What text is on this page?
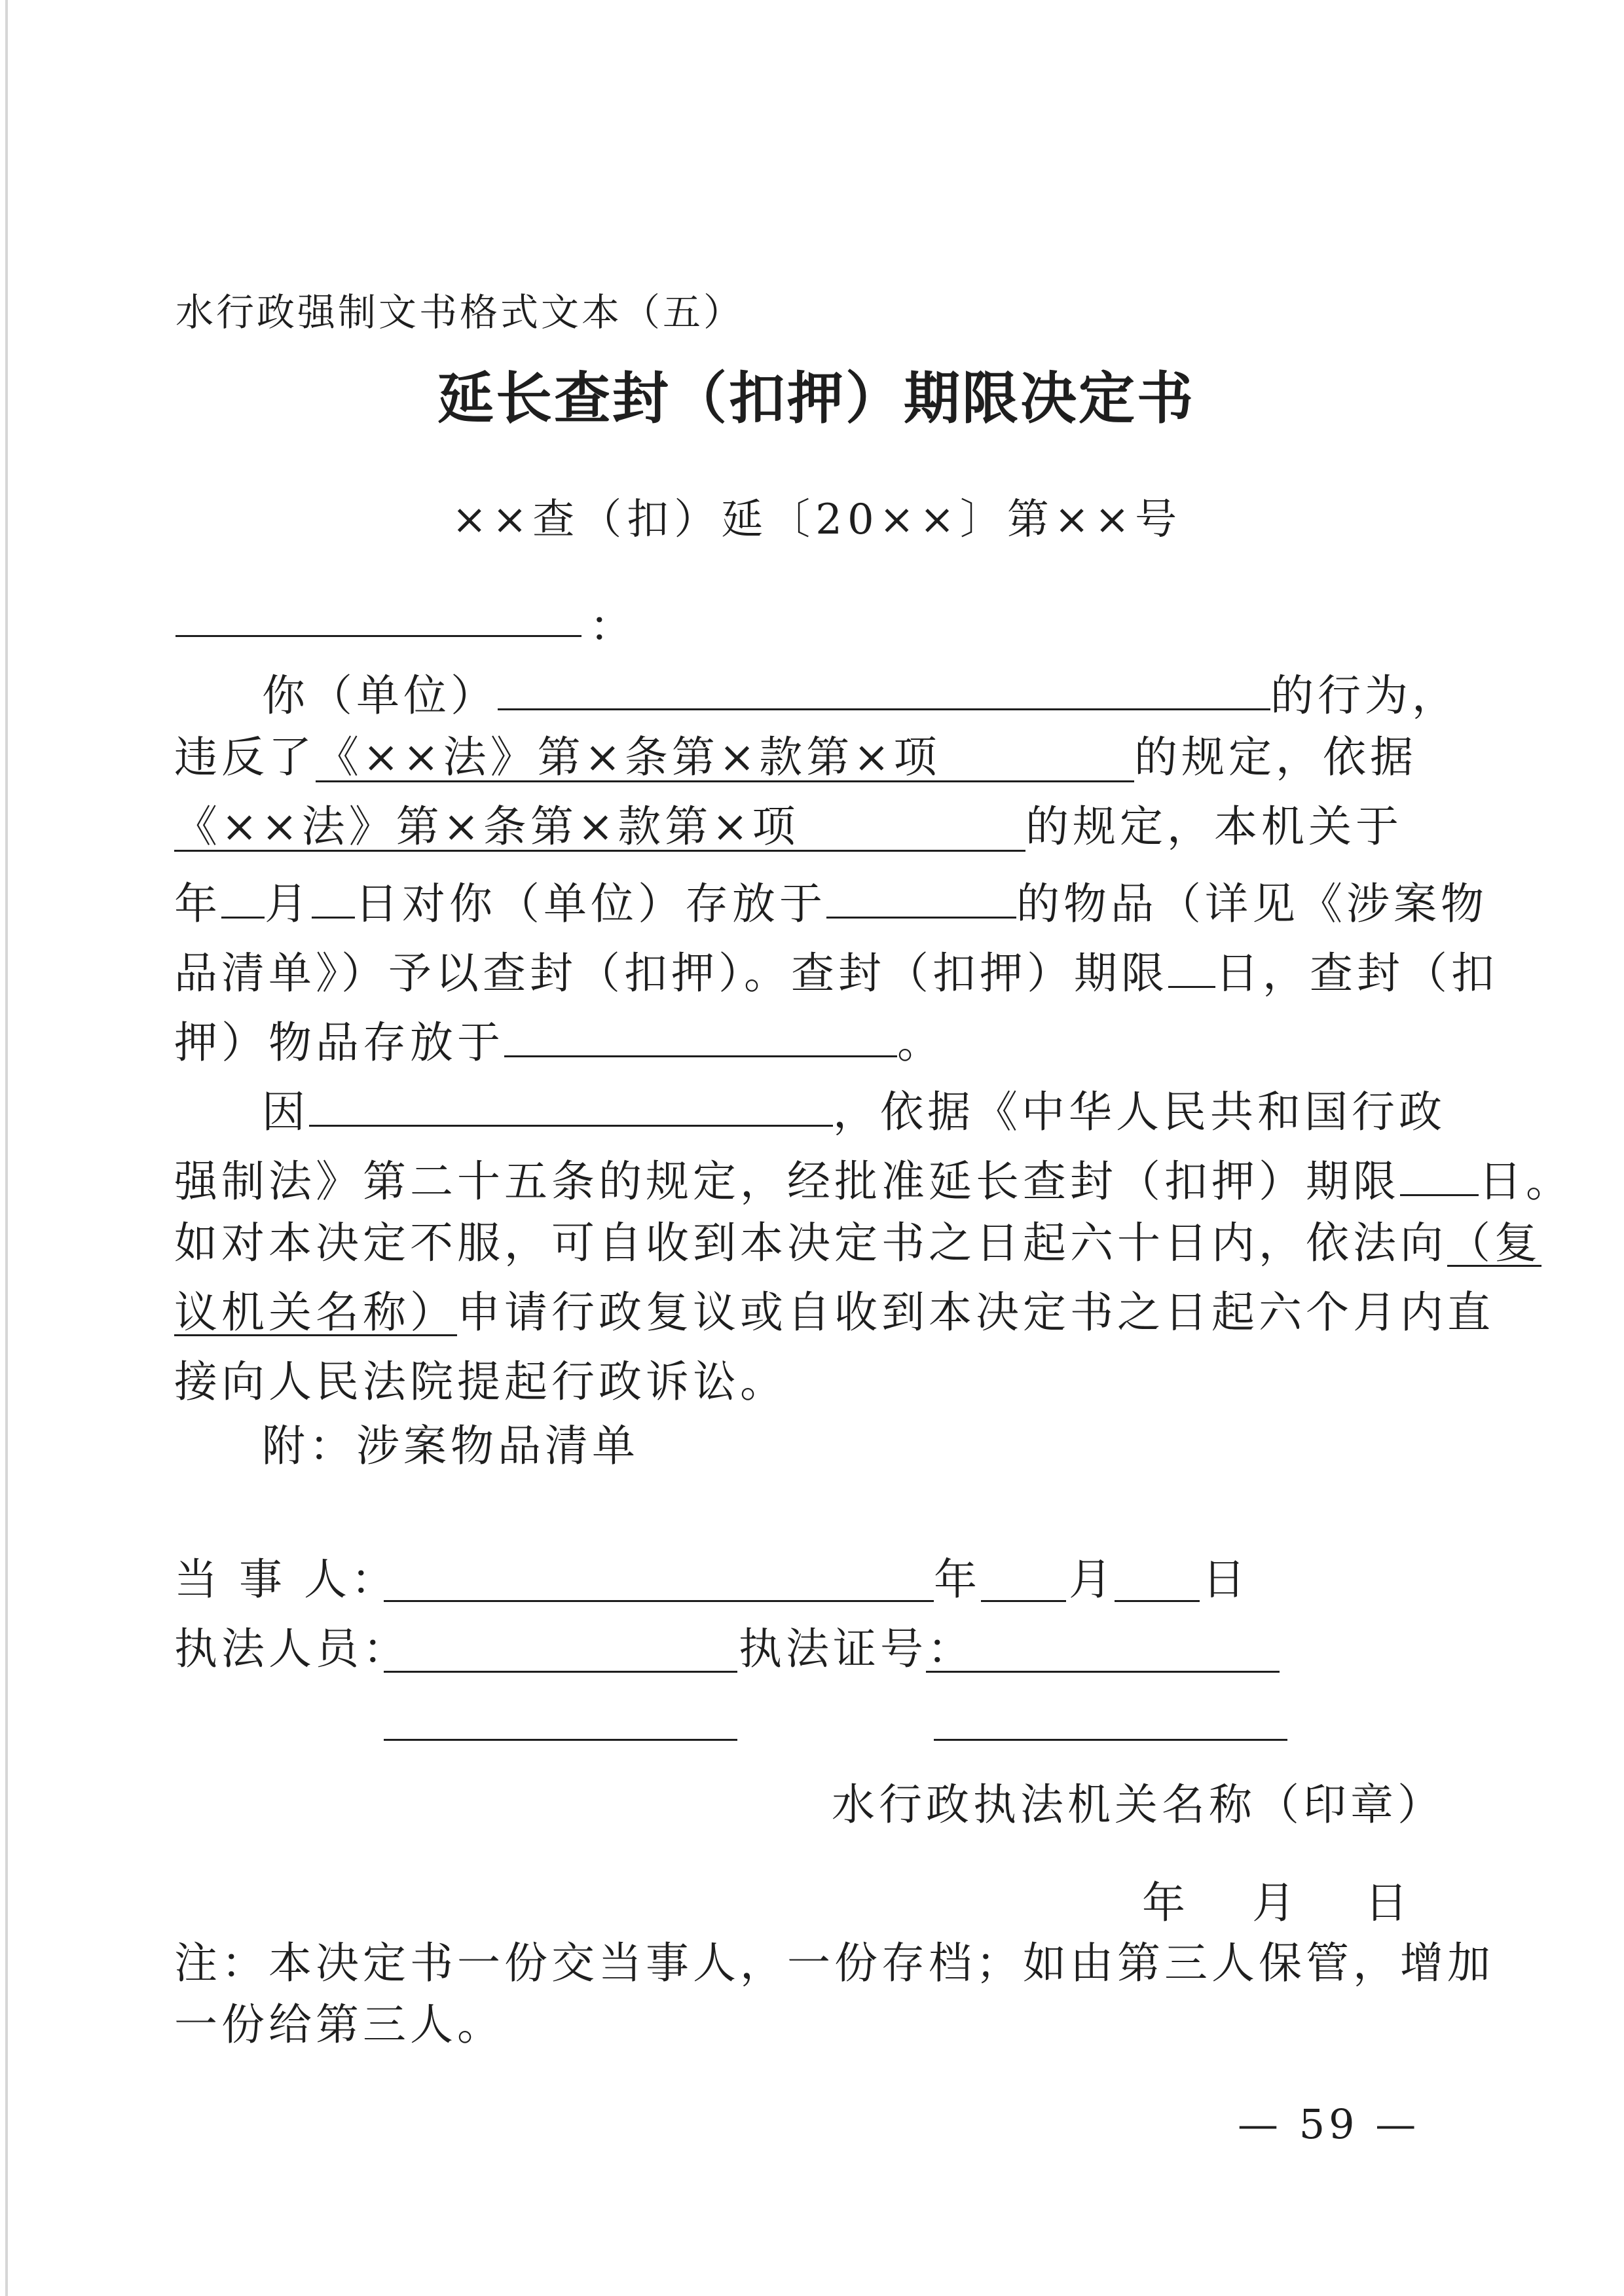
水行政强制文书格式文本（五）
延长查封（扣押）期限决定书
××查（扣）延〔20××〕第××号
：
你（单位）	的行为，
违反了《××法》第×条第×款第×项	的规定，依据
《××法》第×条第×款第×项	的规定，本机关于
年 月 日对你（单位）存放于	的物品（详见《涉案物
品清单》）予以查封（扣押）。查封（扣押）期限 日，查封（扣
押）物品存放于	。
因	，依据《中华人民共和国行政
强制法》第二十五条的规定，经批准延长查封（扣押）期限 日。
如对本决定不服，可自收到本决定书之日起六十日内，依法向（复
议机关名称）申请行政复议或自收到本决定书之日起六个月内直
接向人民法院提起行政诉讼。
附：涉案物品清单
当 事 人：	年 月 日
执法人员：	执法证号：
水行政执法机关名称（印章）
年 月 日
注：本决定书一份交当事人，一份存档；如由第三人保管，增加
一份给第三人。
— 59 —
